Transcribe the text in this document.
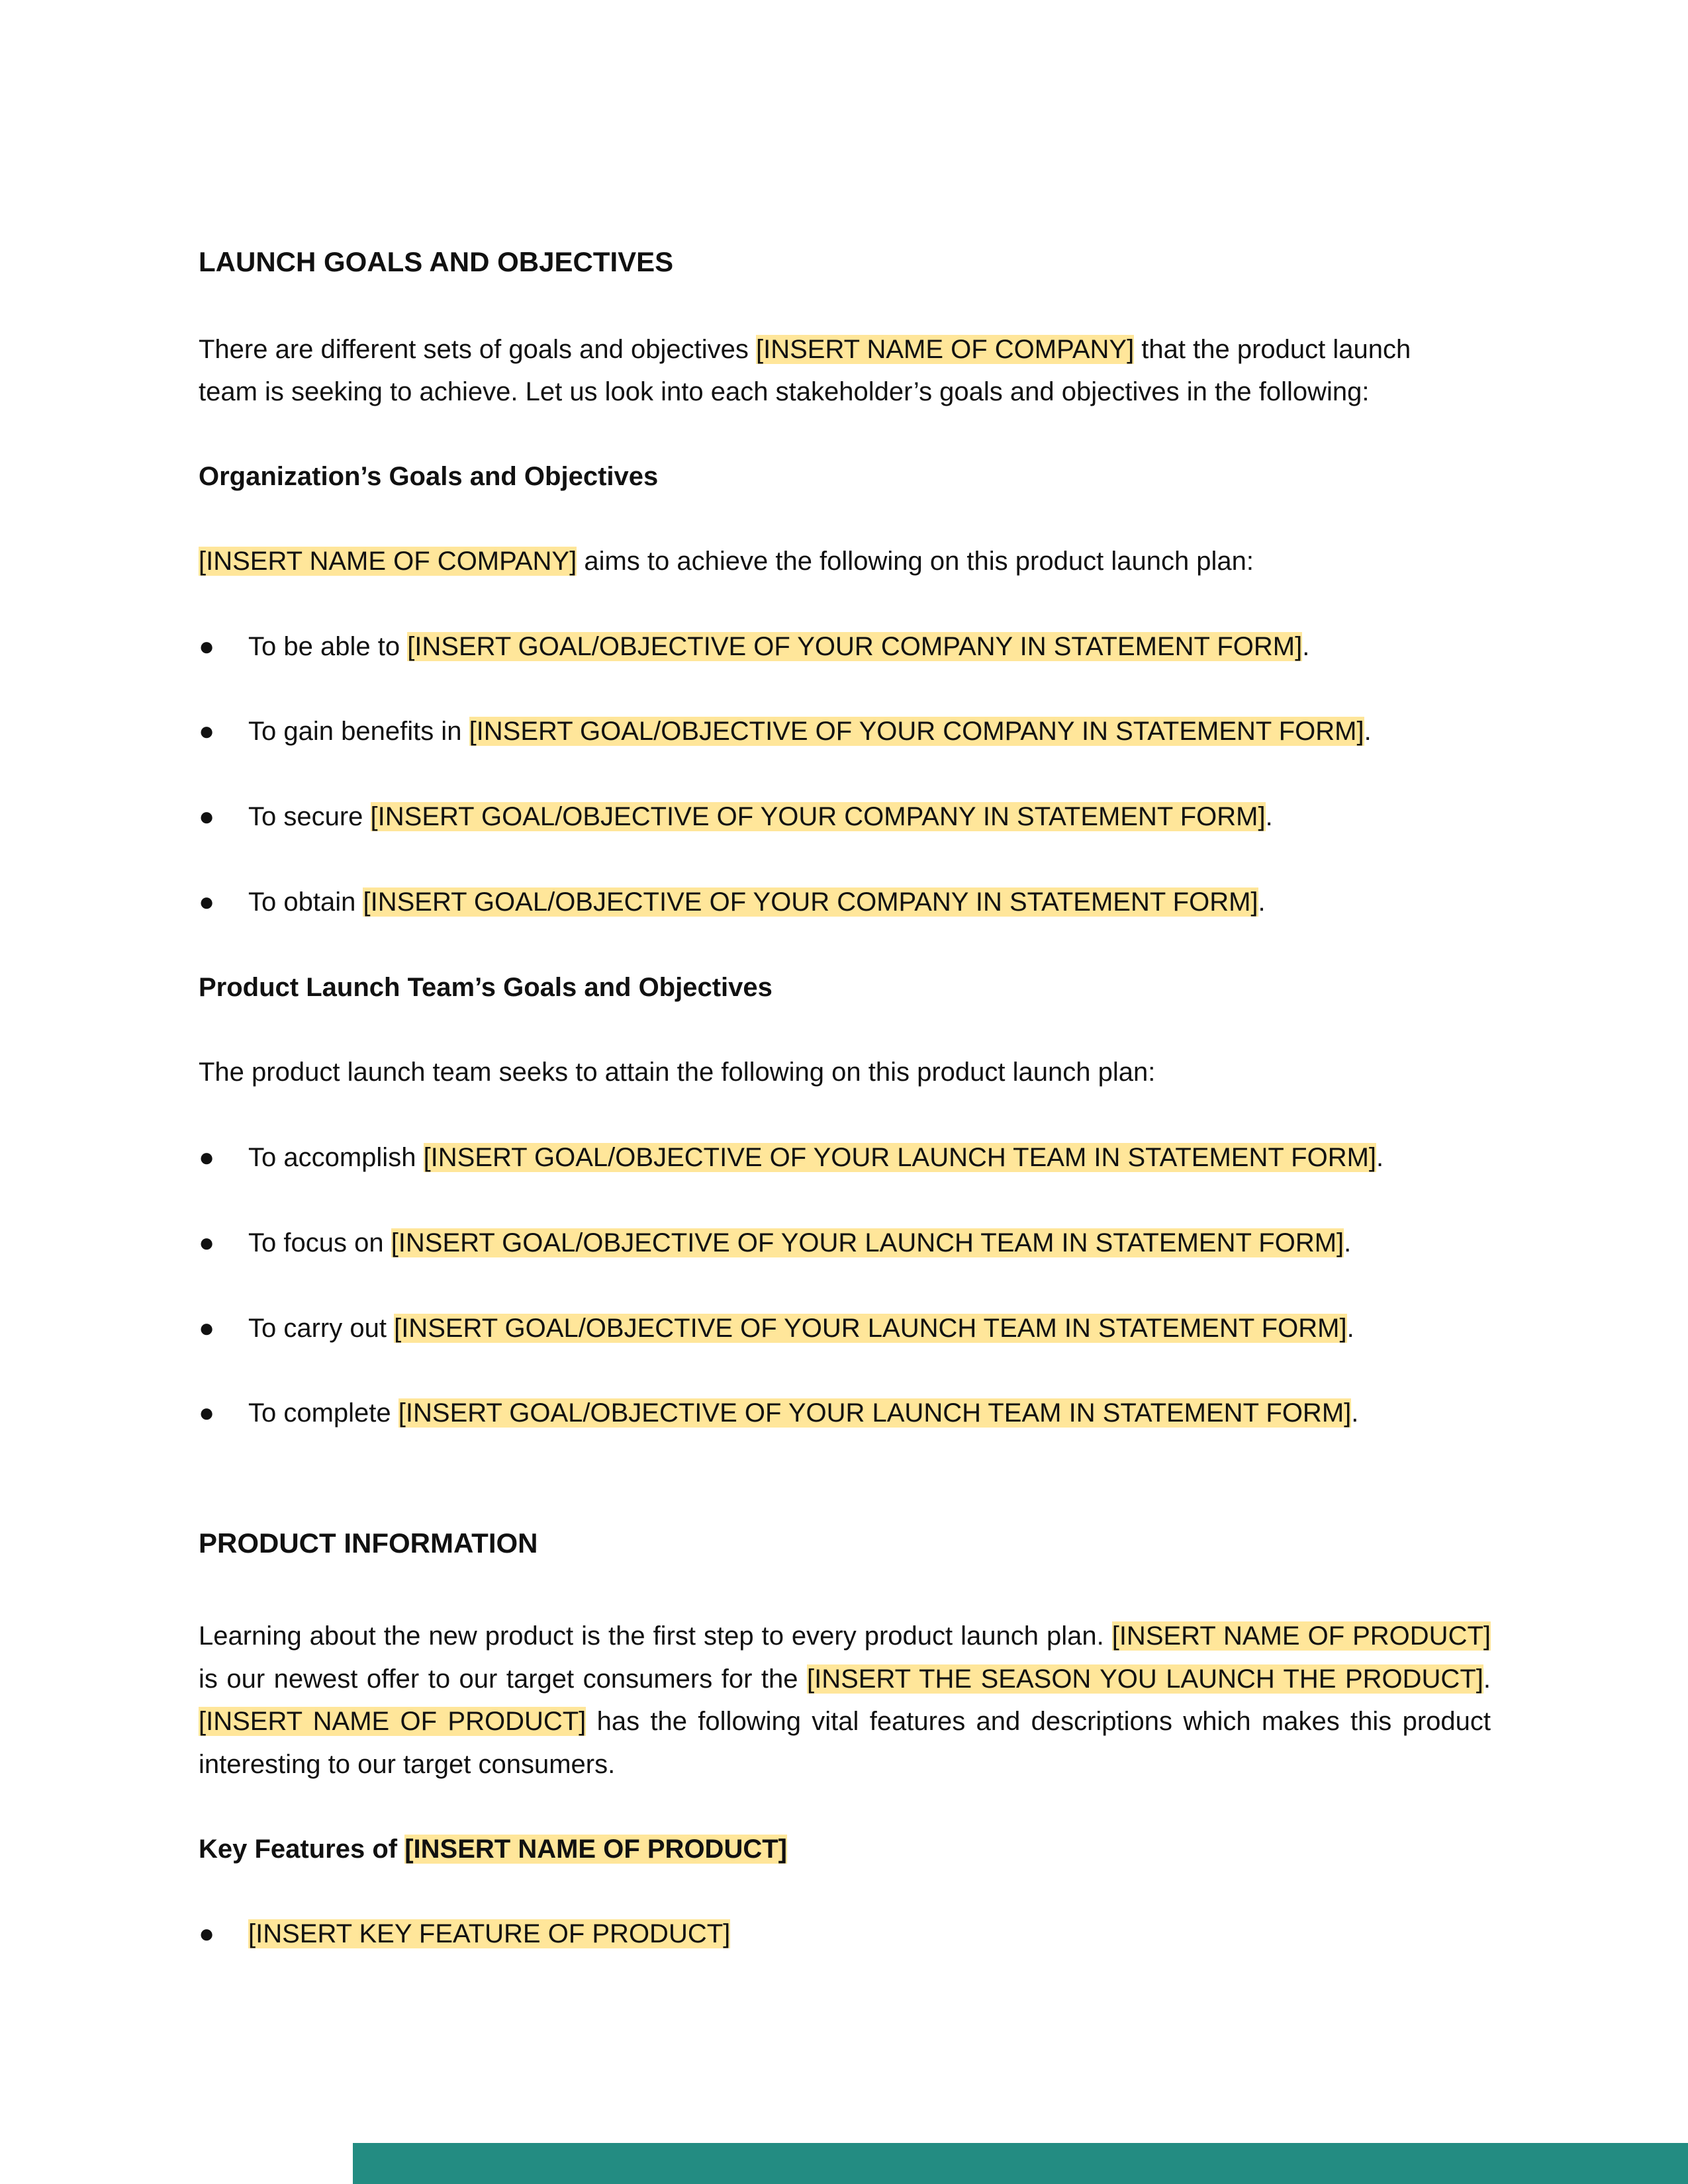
LAUNCH GOALS AND OBJECTIVES
There are different sets of goals and objectives [INSERT NAME OF COMPANY] that the product launch
team is seeking to achieve. Let us look into each stakeholder’s goals and objectives in the following:
Organization’s Goals and Objectives
[INSERT NAME OF COMPANY] aims to achieve the following on this product launch plan:
● To be able to [INSERT GOAL/OBJECTIVE OF YOUR COMPANY IN STATEMENT FORM].
● To gain benefits in [INSERT GOAL/OBJECTIVE OF YOUR COMPANY IN STATEMENT FORM].
● To secure [INSERT GOAL/OBJECTIVE OF YOUR COMPANY IN STATEMENT FORM].
● To obtain [INSERT GOAL/OBJECTIVE OF YOUR COMPANY IN STATEMENT FORM].
Product Launch Team’s Goals and Objectives
The product launch team seeks to attain the following on this product launch plan:
● To accomplish [INSERT GOAL/OBJECTIVE OF YOUR LAUNCH TEAM IN STATEMENT FORM].
● To focus on [INSERT GOAL/OBJECTIVE OF YOUR LAUNCH TEAM IN STATEMENT FORM].
● To carry out [INSERT GOAL/OBJECTIVE OF YOUR LAUNCH TEAM IN STATEMENT FORM].
● To complete [INSERT GOAL/OBJECTIVE OF YOUR LAUNCH TEAM IN STATEMENT FORM].
PRODUCT INFORMATION
Learning about the new product is the first step to every product launch plan. [INSERT NAME OF PRODUCT] is our newest offer to our target consumers for the [INSERT THE SEASON YOU LAUNCH THE PRODUCT]. [INSERT NAME OF PRODUCT] has the following vital features and descriptions which makes this product interesting to our target consumers.
Key Features of [INSERT NAME OF PRODUCT]
● [INSERT KEY FEATURE OF PRODUCT]
